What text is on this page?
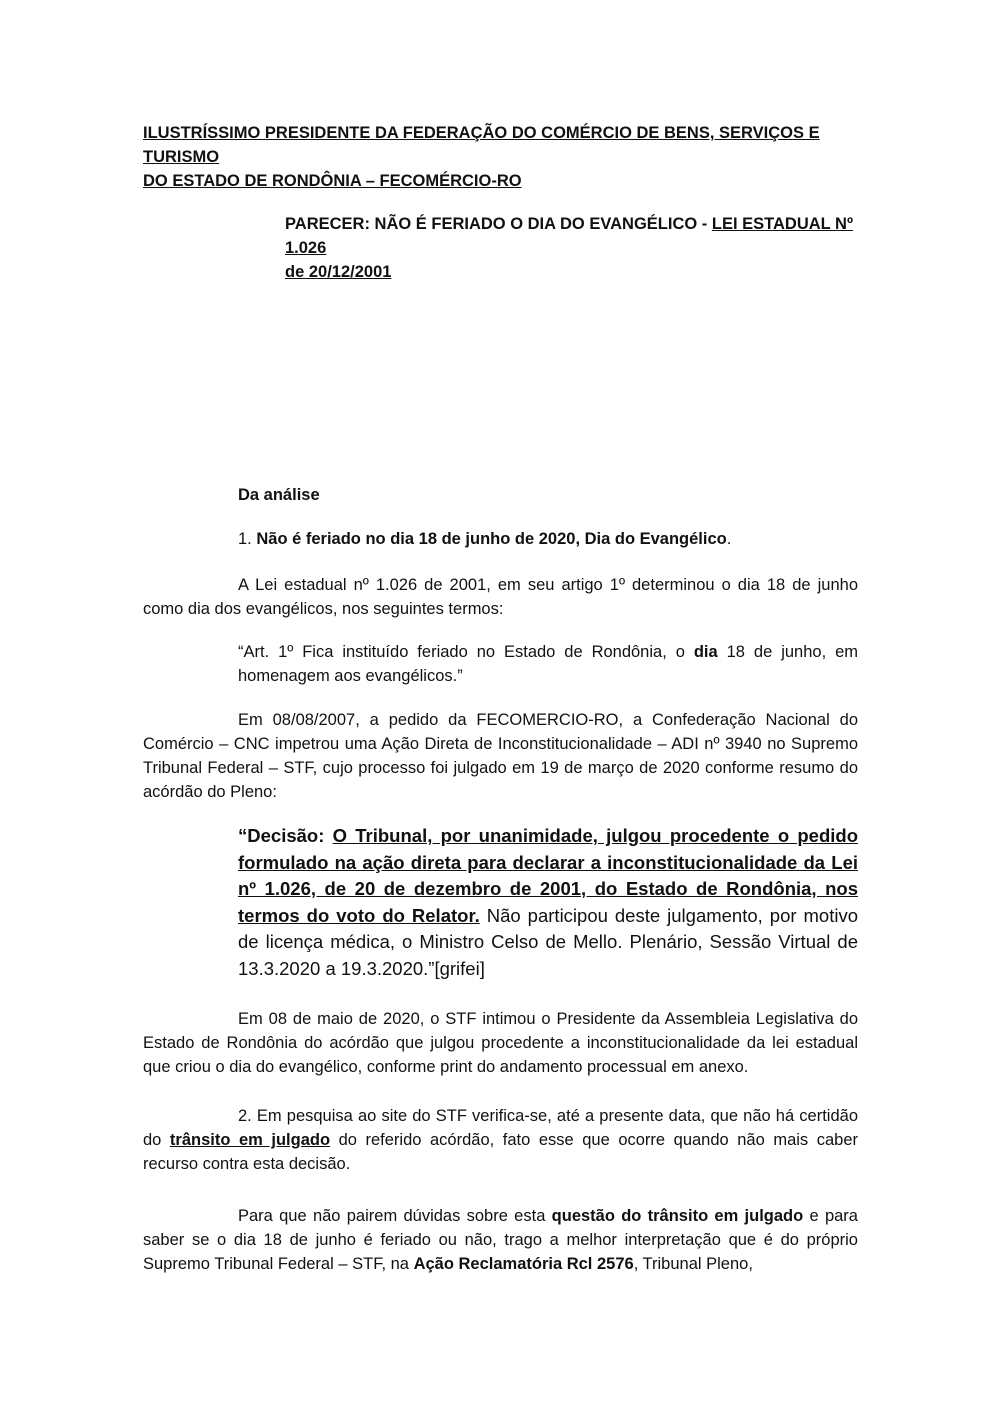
ILUSTRÍSSIMO PRESIDENTE DA FEDERAÇÃO DO COMÉRCIO DE BENS, SERVIÇOS E TURISMO
DO ESTADO DE RONDÔNIA – FECOMÉRCIO-RO
PARECER: NÃO É FERIADO O DIA DO EVANGÉLICO - LEI ESTADUAL Nº 1.026
de 20/12/2001
Da análise
1. Não é feriado no dia 18 de junho de 2020, Dia do Evangélico.
A Lei estadual nº 1.026 de 2001, em seu artigo 1º determinou o dia 18 de junho como dia dos evangélicos, nos seguintes termos:
“Art. 1º Fica instituído feriado no Estado de Rondônia, o dia 18 de junho, em homenagem aos evangélicos.”
Em 08/08/2007, a pedido da FECOMERCIO-RO, a Confederação Nacional do Comércio – CNC impetrou uma Ação Direta de Inconstitucionalidade – ADI nº 3940 no Supremo Tribunal Federal – STF, cujo processo foi julgado em 19 de março de 2020 conforme resumo do acórdão do Pleno:
“Decisão: O Tribunal, por unanimidade, julgou procedente o pedido formulado na ação direta para declarar a inconstitucionalidade da Lei nº 1.026, de 20 de dezembro de 2001, do Estado de Rondônia, nos termos do voto do Relator. Não participou deste julgamento, por motivo de licença médica, o Ministro Celso de Mello. Plenário, Sessão Virtual de 13.3.2020 a 19.3.2020.”[grifei]
Em 08 de maio de 2020, o STF intimou o Presidente da Assembleia Legislativa do Estado de Rondônia do acórdão que julgou procedente a inconstitucionalidade da lei estadual que criou o dia do evangélico, conforme print do andamento processual em anexo.
2. Em pesquisa ao site do STF verifica-se, até a presente data, que não há certidão do trânsito em julgado do referido acórdão, fato esse que ocorre quando não mais caber recurso contra esta decisão.
Para que não pairem dúvidas sobre esta questão do trânsito em julgado e para saber se o dia 18 de junho é feriado ou não, trago a melhor interpretação que é do próprio Supremo Tribunal Federal – STF, na Ação Reclamatória Rcl 2576, Tribunal Pleno,
